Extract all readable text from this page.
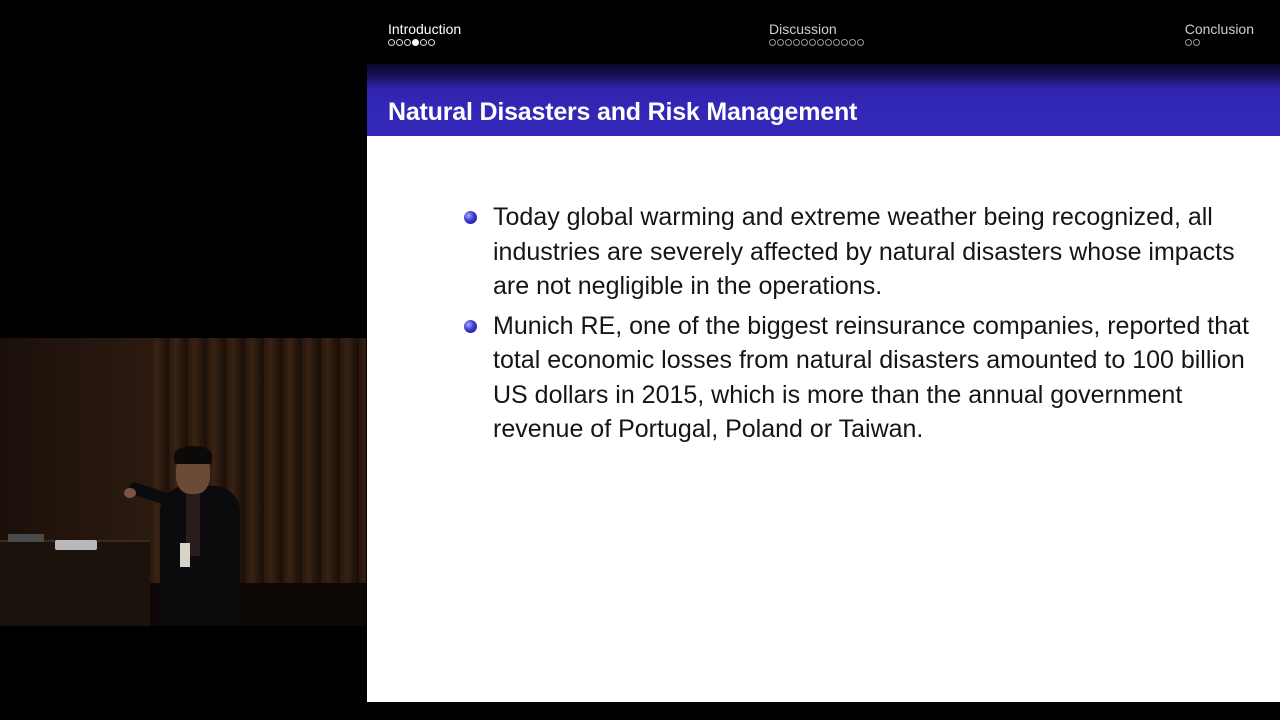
Introduction	Discussion	Conclusion
Natural Disasters and Risk Management
Today global warming and extreme weather being recognized, all industries are severely affected by natural disasters whose impacts are not negligible in the operations.
Munich RE, one of the biggest reinsurance companies, reported that total economic losses from natural disasters amounted to 100 billion US dollars in 2015, which is more than the annual government revenue of Portugal, Poland or Taiwan.
